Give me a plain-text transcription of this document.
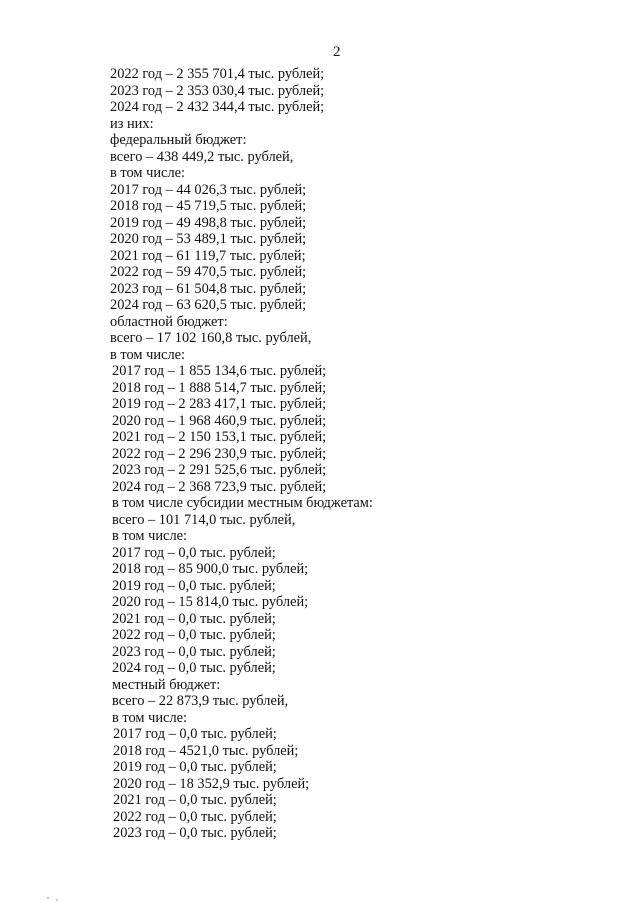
2
2022 год – 2 355 701,4 тыс. рублей;
2023 год – 2 353 030,4 тыс. рублей;
2024 год – 2 432 344,4 тыс. рублей;
из них:
федеральный бюджет:
всего – 438 449,2 тыс. рублей,
в том числе:
2017 год – 44 026,3 тыс. рублей;
2018 год – 45 719,5 тыс. рублей;
2019 год – 49 498,8 тыс. рублей;
2020 год – 53 489,1 тыс. рублей;
2021 год – 61 119,7 тыс. рублей;
2022 год – 59 470,5 тыс. рублей;
2023 год – 61 504,8 тыс. рублей;
2024 год – 63 620,5 тыс. рублей;
областной бюджет:
всего – 17 102 160,8 тыс. рублей,
в том числе:
2017 год – 1 855 134,6 тыс. рублей;
2018 год – 1 888 514,7 тыс. рублей;
2019 год – 2 283 417,1 тыс. рублей;
2020 год – 1 968 460,9 тыс. рублей;
2021 год – 2 150 153,1 тыс. рублей;
2022 год – 2 296 230,9 тыс. рублей;
2023 год – 2 291 525,6 тыс. рублей;
2024 год – 2 368 723,9 тыс. рублей;
в том числе субсидии местным бюджетам:
всего – 101 714,0 тыс. рублей,
в том числе:
2017 год – 0,0 тыс. рублей;
2018 год – 85 900,0 тыс. рублей;
2019 год – 0,0 тыс. рублей;
2020 год – 15 814,0 тыс. рублей;
2021 год – 0,0 тыс. рублей;
2022 год – 0,0 тыс. рублей;
2023 год – 0,0 тыс. рублей;
2024 год – 0,0 тыс. рублей;
местный бюджет:
всего – 22 873,9 тыс. рублей,
в том числе:
2017 год – 0,0 тыс. рублей;
2018 год – 4521,0 тыс. рублей;
2019 год – 0,0 тыс. рублей;
2020 год – 18 352,9 тыс. рублей;
2021 год – 0,0 тыс. рублей;
2022 год – 0,0 тыс. рублей;
2023 год – 0,0 тыс. рублей;
